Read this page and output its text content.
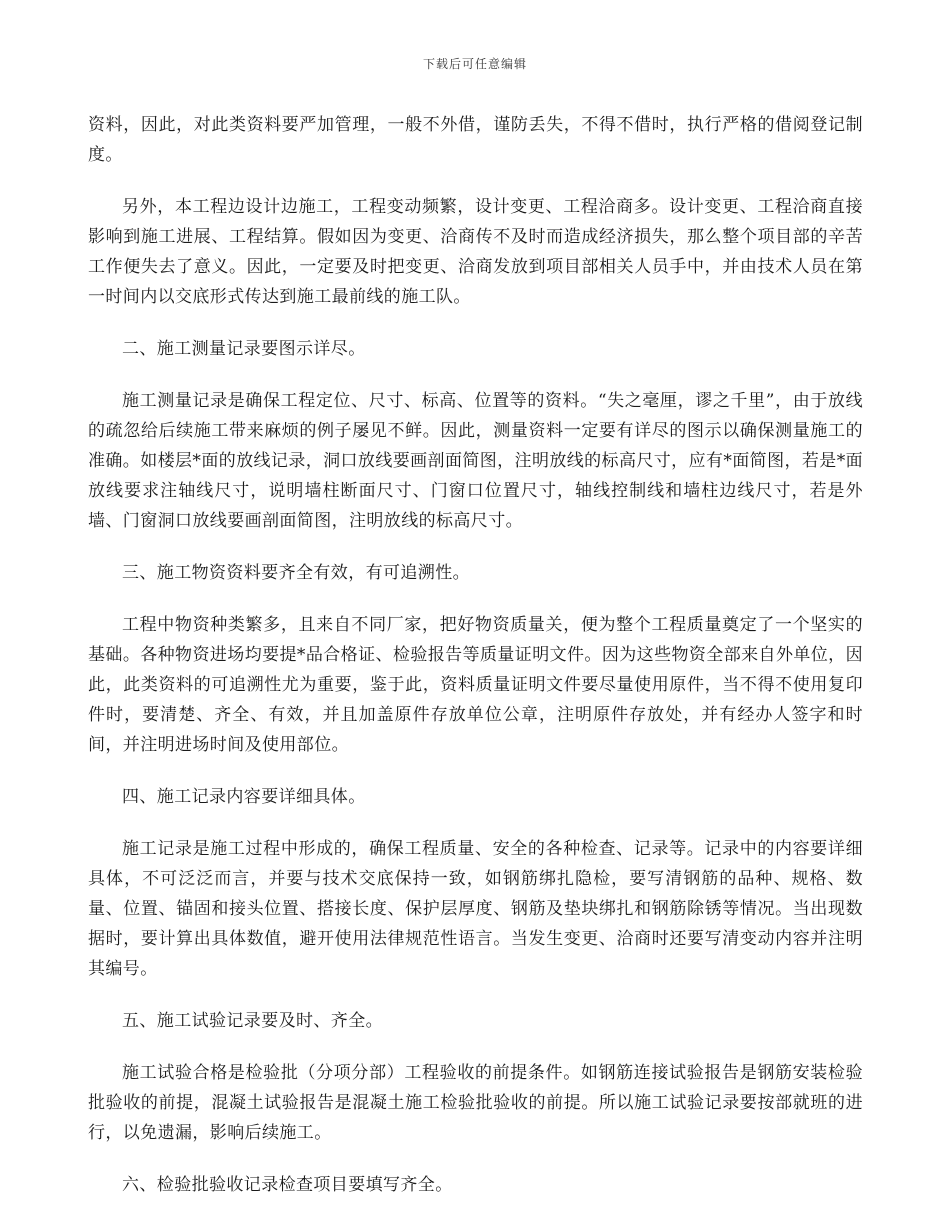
下载后可任意编辑

资料，因此，对此类资料要严加管理，一般不外借，谨防丢失，不得不借时，执行严格的借阅登记制度。

另外，本工程边设计边施工，工程变动频繁，设计变更、工程洽商多。设计变更、工程洽商直接影响到施工进展、工程结算。假如因为变更、洽商传不及时而造成经济损失，那么整个项目部的辛苦工作便失去了意义。因此，一定要及时把变更、洽商发放到项目部相关人员手中，并由技术人员在第一时间内以交底形式传达到施工最前线的施工队。

二、施工测量记录要图示详尽。

施工测量记录是确保工程定位、尺寸、标高、位置等的资料。“失之毫厘，谬之千里”，由于放线的疏忽给后续施工带来麻烦的例子屡见不鲜。因此，测量资料一定要有详尽的图示以确保测量施工的准确。如楼层*面的放线记录，洞口放线要画剖面简图，注明放线的标高尺寸，应有*面简图，若是*面放线要求注轴线尺寸，说明墙柱断面尺寸、门窗口位置尺寸，轴线控制线和墙柱边线尺寸，若是外墙、门窗洞口放线要画剖面简图，注明放线的标高尺寸。

三、施工物资资料要齐全有效，有可追溯性。

工程中物资种类繁多，且来自不同厂家，把好物资质量关，便为整个工程质量奠定了一个坚实的基础。各种物资进场均要提*品合格证、检验报告等质量证明文件。因为这些物资全部来自外单位，因此，此类资料的可追溯性尤为重要，鉴于此，资料质量证明文件要尽量使用原件，当不得不使用复印件时，要清楚、齐全、有效，并且加盖原件存放单位公章，注明原件存放处，并有经办人签字和时间，并注明进场时间及使用部位。

四、施工记录内容要详细具体。

施工记录是施工过程中形成的，确保工程质量、安全的各种检查、记录等。记录中的内容要详细具体，不可泛泛而言，并要与技术交底保持一致，如钢筋绑扎隐检，要写清钢筋的品种、规格、数量、位置、锚固和接头位置、搭接长度、保护层厚度、钢筋及垫块绑扎和钢筋除锈等情况。当出现数据时，要计算出具体数值，避开使用法律规范性语言。当发生变更、洽商时还要写清变动内容并注明其编号。

五、施工试验记录要及时、齐全。

施工试验合格是检验批（分项分部）工程验收的前提条件。如钢筋连接试验报告是钢筋安装检验批验收的前提，混凝土试验报告是混凝土施工检验批验收的前提。所以施工试验记录要按部就班的进行，以免遗漏，影响后续施工。

六、检验批验收记录检查项目要填写齐全。
